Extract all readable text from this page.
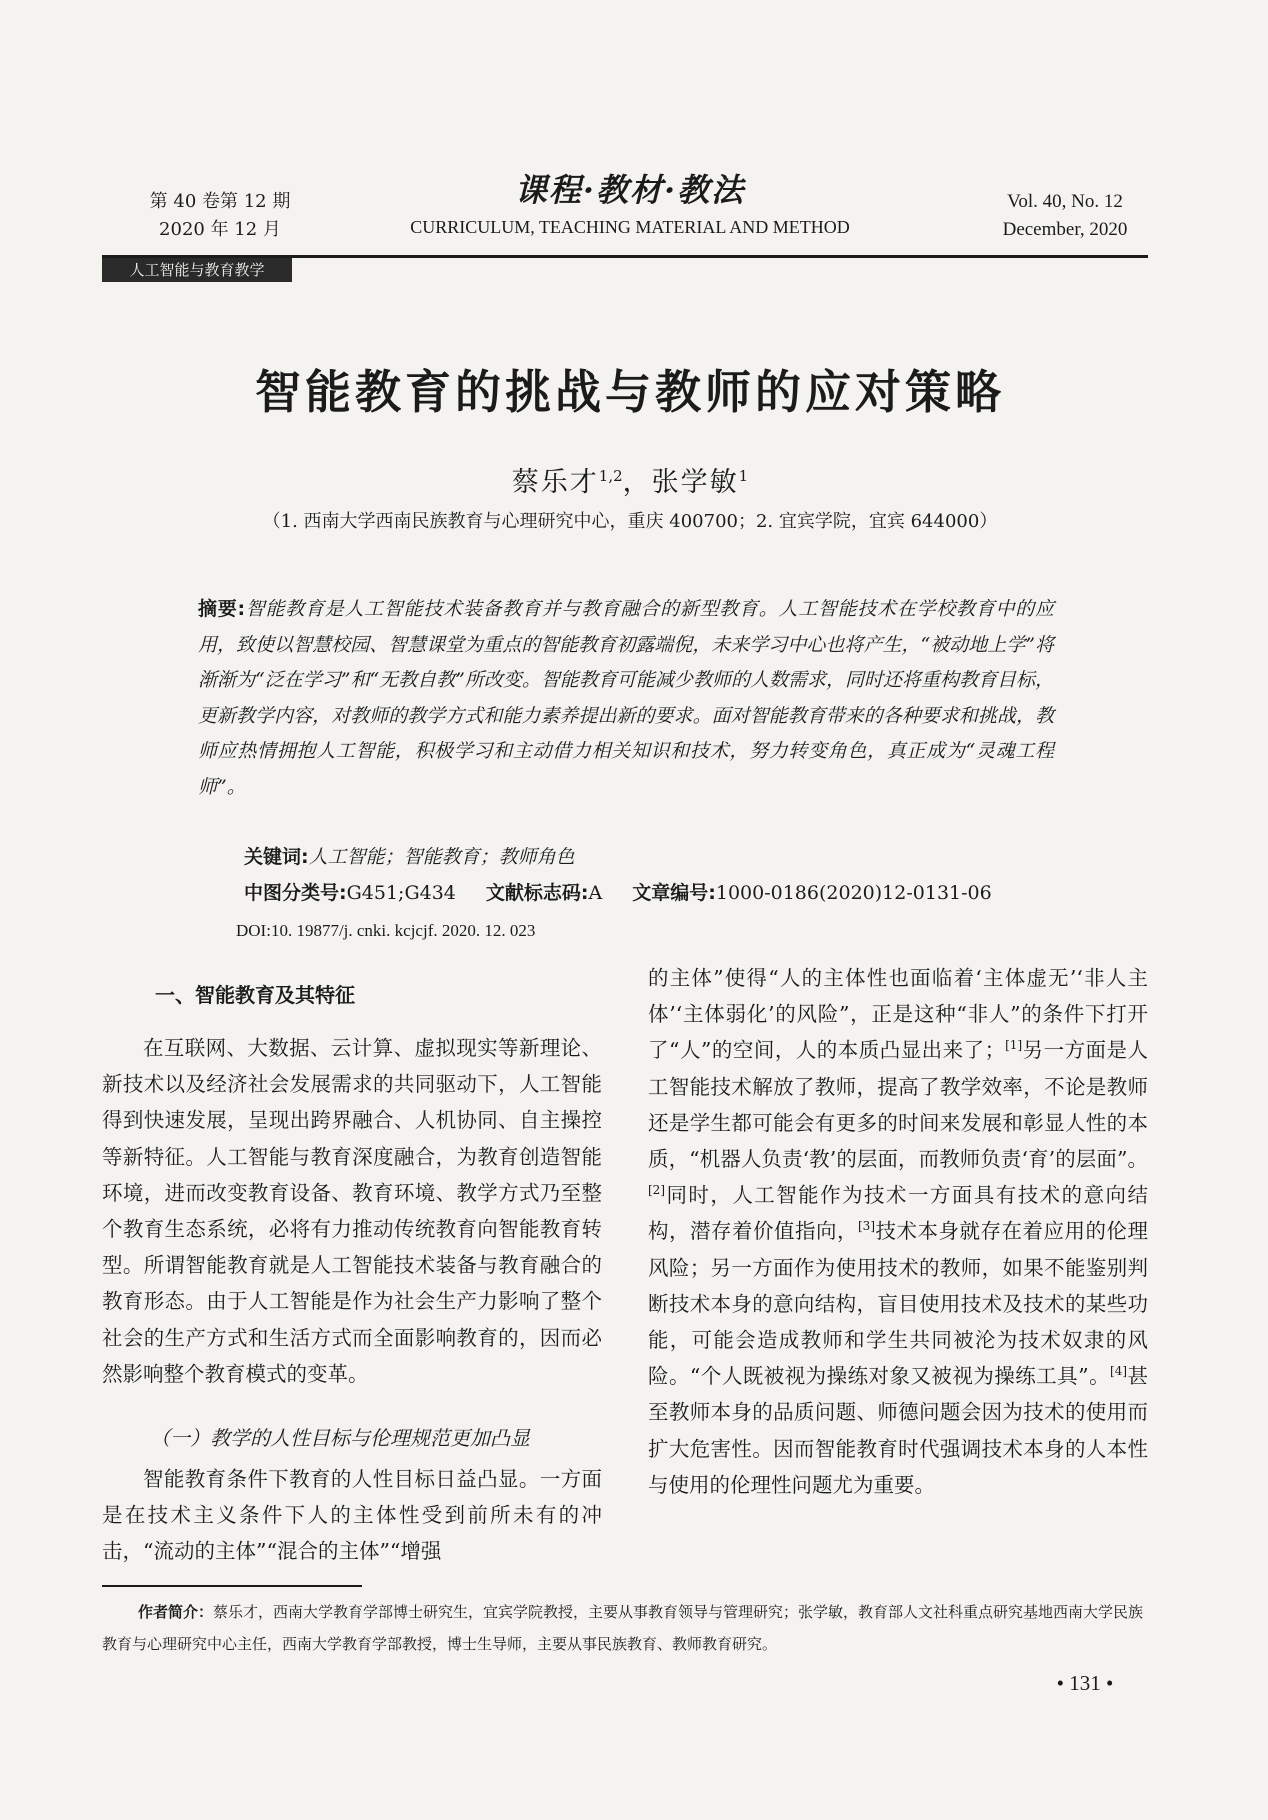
第 40 卷第 12 期
2020 年 12 月
课程·教材·教法
CURRICULUM, TEACHING MATERIAL AND METHOD
Vol. 40, No. 12
December, 2020
人工智能与教育教学
智能教育的挑战与教师的应对策略
蔡乐才$^{1,2}$，张学敏$^1$
（1. 西南大学西南民族教育与心理研究中心，重庆 400700；2. 宜宾学院，宜宾 644000）
摘要:智能教育是人工智能技术装备教育并与教育融合的新型教育。人工智能技术在学校教育中的应用，致使以智慧校园、智慧课堂为重点的智能教育初露端倪，未来学习中心也将产生，“被动地上学”将渐渐为“泛在学习”和“无教自教”所改变。智能教育可能减少教师的人数需求，同时还将重构教育目标，更新教学内容，对教师的教学方式和能力素养提出新的要求。面对智能教育带来的各种要求和挑战，教师应热情拥抱人工智能，积极学习和主动借力相关知识和技术，努力转变角色，真正成为“灵魂工程师”。
关键词:人工智能；智能教育；教师角色
中图分类号:G451;G434 文献标志码:A 文章编号:1000-0186(2020)12-0131-06
DOI:10. 19877/j. cnki. kcjcjf. 2020. 12. 023
一、智能教育及其特征

在互联网、大数据、云计算、虚拟现实等新理论、新技术以及经济社会发展需求的共同驱动下，人工智能得到快速发展，呈现出跨界融合、人机协同、自主操控等新特征。人工智能与教育深度融合，为教育创造智能环境，进而改变教育设备、教育环境、教学方式乃至整个教育生态系统，必将有力推动传统教育向智能教育转型。所谓智能教育就是人工智能技术装备与教育融合的教育形态。由于人工智能是作为社会生产力影响了整个社会的生产方式和生活方式而全面影响教育的，因而必然影响整个教育模式的变革。

（一）教学的人性目标与伦理规范更加凸显

智能教育条件下教育的人性目标日益凸显。一方面是在技术主义条件下人的主体性受到前所未有的冲击，“流动的主体”“混合的主体”“增强

的主体”使得“人的主体性也面临着‘主体虚无’‘非人主体’‘主体弱化’的风险”，正是这种“非人”的条件下打开了“人”的空间，人的本质凸显出来了；[1]另一方面是人工智能技术解放了教师，提高了教学效率，不论是教师还是学生都可能会有更多的时间来发展和彰显人性的本质，“机器人负责‘教’的层面，而教师负责‘育’的层面”。[2]同时，人工智能作为技术一方面具有技术的意向结构，潜存着价值指向，[3]技术本身就存在着应用的伦理风险；另一方面作为使用技术的教师，如果不能鉴别判断技术本身的意向结构，盲目使用技术及技术的某些功能，可能会造成教师和学生共同被沦为技术奴隶的风险。“个人既被视为操练对象又被视为操练工具”。[4]甚至教师本身的品质问题、师德问题会因为技术的使用而扩大危害性。因而智能教育时代强调技术本身的人本性与使用的伦理性问题尤为重要。

作者简介：蔡乐才，西南大学教育学部博士研究生，宜宾学院教授，主要从事教育领导与管理研究；张学敏，教育部人文社科重点研究基地西南大学民族教育与心理研究中心主任，西南大学教育学部教授，博士生导师，主要从事民族教育、教师教育研究。
• 131 •
